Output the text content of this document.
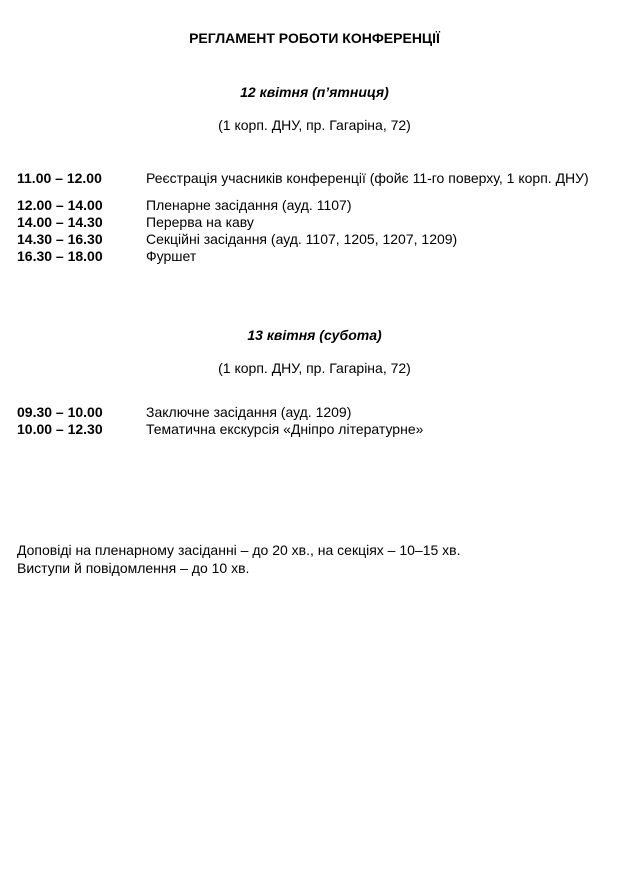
РЕГЛАМЕНТ РОБОТИ КОНФЕРЕНЦІЇ
12 квітня (п’ятниця)
(1 корп. ДНУ, пр. Гагаріна, 72)
11.00 – 12.00	Реєстрація учасників конференції (фойє 11-го поверху, 1 корп. ДНУ)
12.00 – 14.00	Пленарне засідання (ауд. 1107)
14.00 – 14.30	Перерва на каву
14.30 – 16.30	Секційні засідання (ауд. 1107, 1205, 1207, 1209)
16.30 – 18.00	Фуршет
13 квітня (субота)
(1 корп. ДНУ, пр. Гагаріна, 72)
09.30 – 10.00	Заключне засідання (ауд. 1209)
10.00 – 12.30	Тематична екскурсія «Дніпро літературне»
Доповіді на пленарному засіданні – до 20 хв., на секціях – 10–15 хв.
Виступи й повідомлення – до 10 хв.
